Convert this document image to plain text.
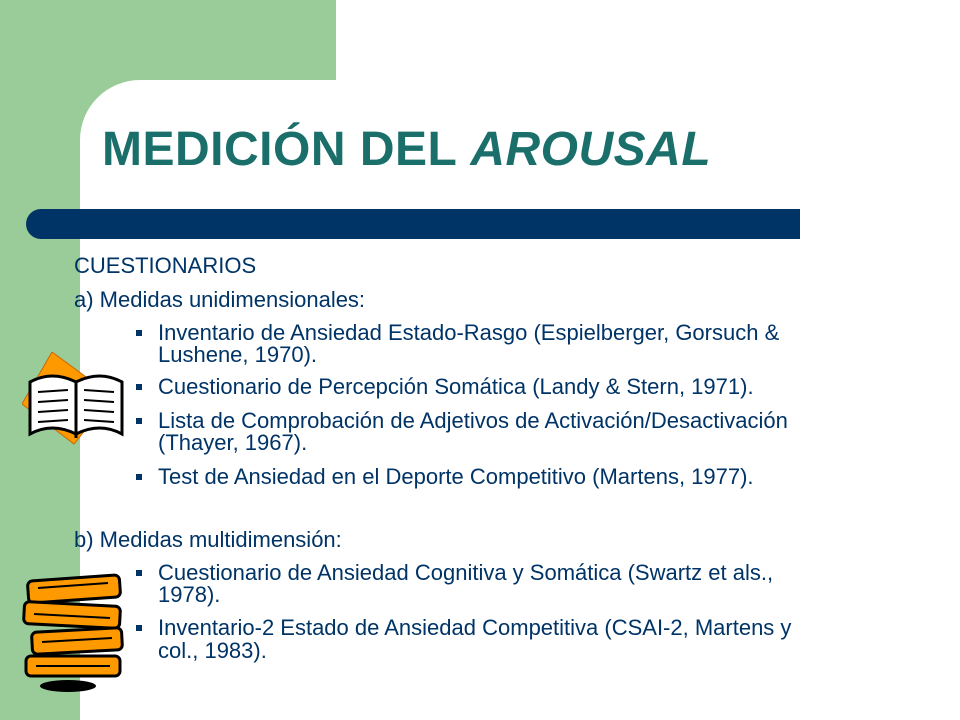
MEDICIÓN DEL AROUSAL
CUESTIONARIOS
a) Medidas unidimensionales:
Inventario de Ansiedad Estado-Rasgo (Espielberger, Gorsuch &
Lushene, 1970).
Cuestionario de Percepción Somática (Landy & Stern, 1971).
Lista de Comprobación de Adjetivos de Activación/Desactivación
(Thayer, 1967).
Test de Ansiedad en el Deporte Competitivo (Martens, 1977).
b) Medidas multidimensión:
Cuestionario de Ansiedad Cognitiva y Somática (Swartz et als.,
1978).
Inventario-2 Estado de Ansiedad Competitiva (CSAI-2, Martens y
col., 1983).
